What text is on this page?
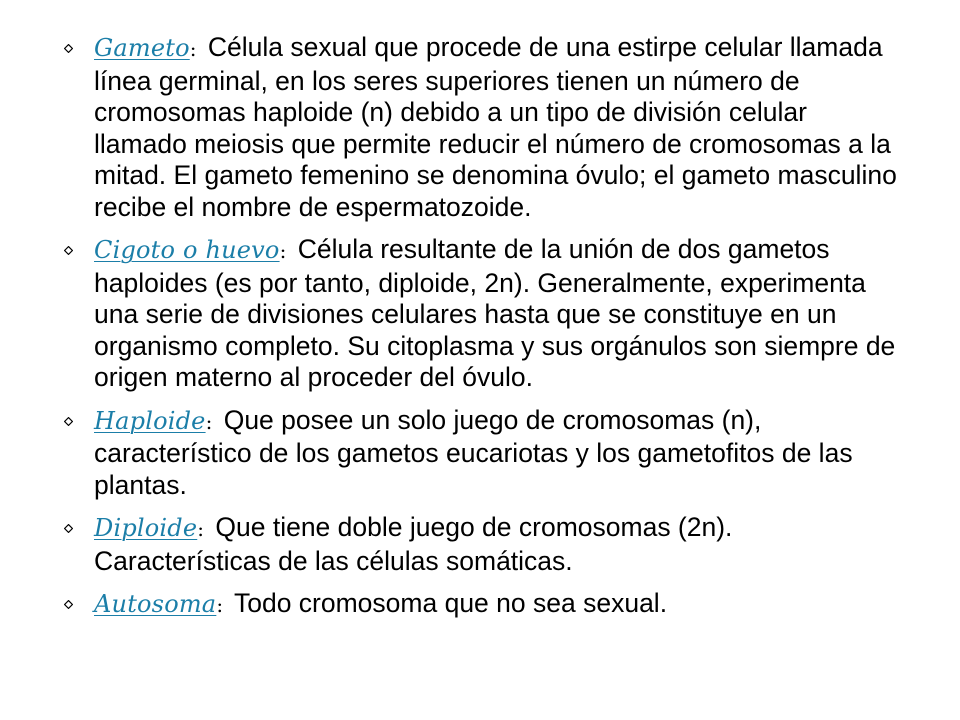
Gameto: Célula sexual que procede de una estirpe celular llamada línea germinal, en los seres superiores tienen un número de cromosomas haploide (n) debido a un tipo de división celular llamado meiosis que permite reducir el número de cromosomas a la mitad. El gameto femenino se denomina óvulo; el gameto masculino recibe el nombre de espermatozoide.
Cigoto o huevo: Célula resultante de la unión de dos gametos haploides (es por tanto, diploide, 2n). Generalmente, experimenta una serie de divisiones celulares hasta que se constituye en un organismo completo. Su citoplasma y sus orgánulos son siempre de origen materno al proceder del óvulo.
Haploide: Que posee un solo juego de cromosomas (n), característico de los gametos eucariotas y los gametofitos de las plantas.
Diploide: Que tiene doble juego de cromosomas (2n). Características de las células somáticas.
Autosoma: Todo cromosoma que no sea sexual.
